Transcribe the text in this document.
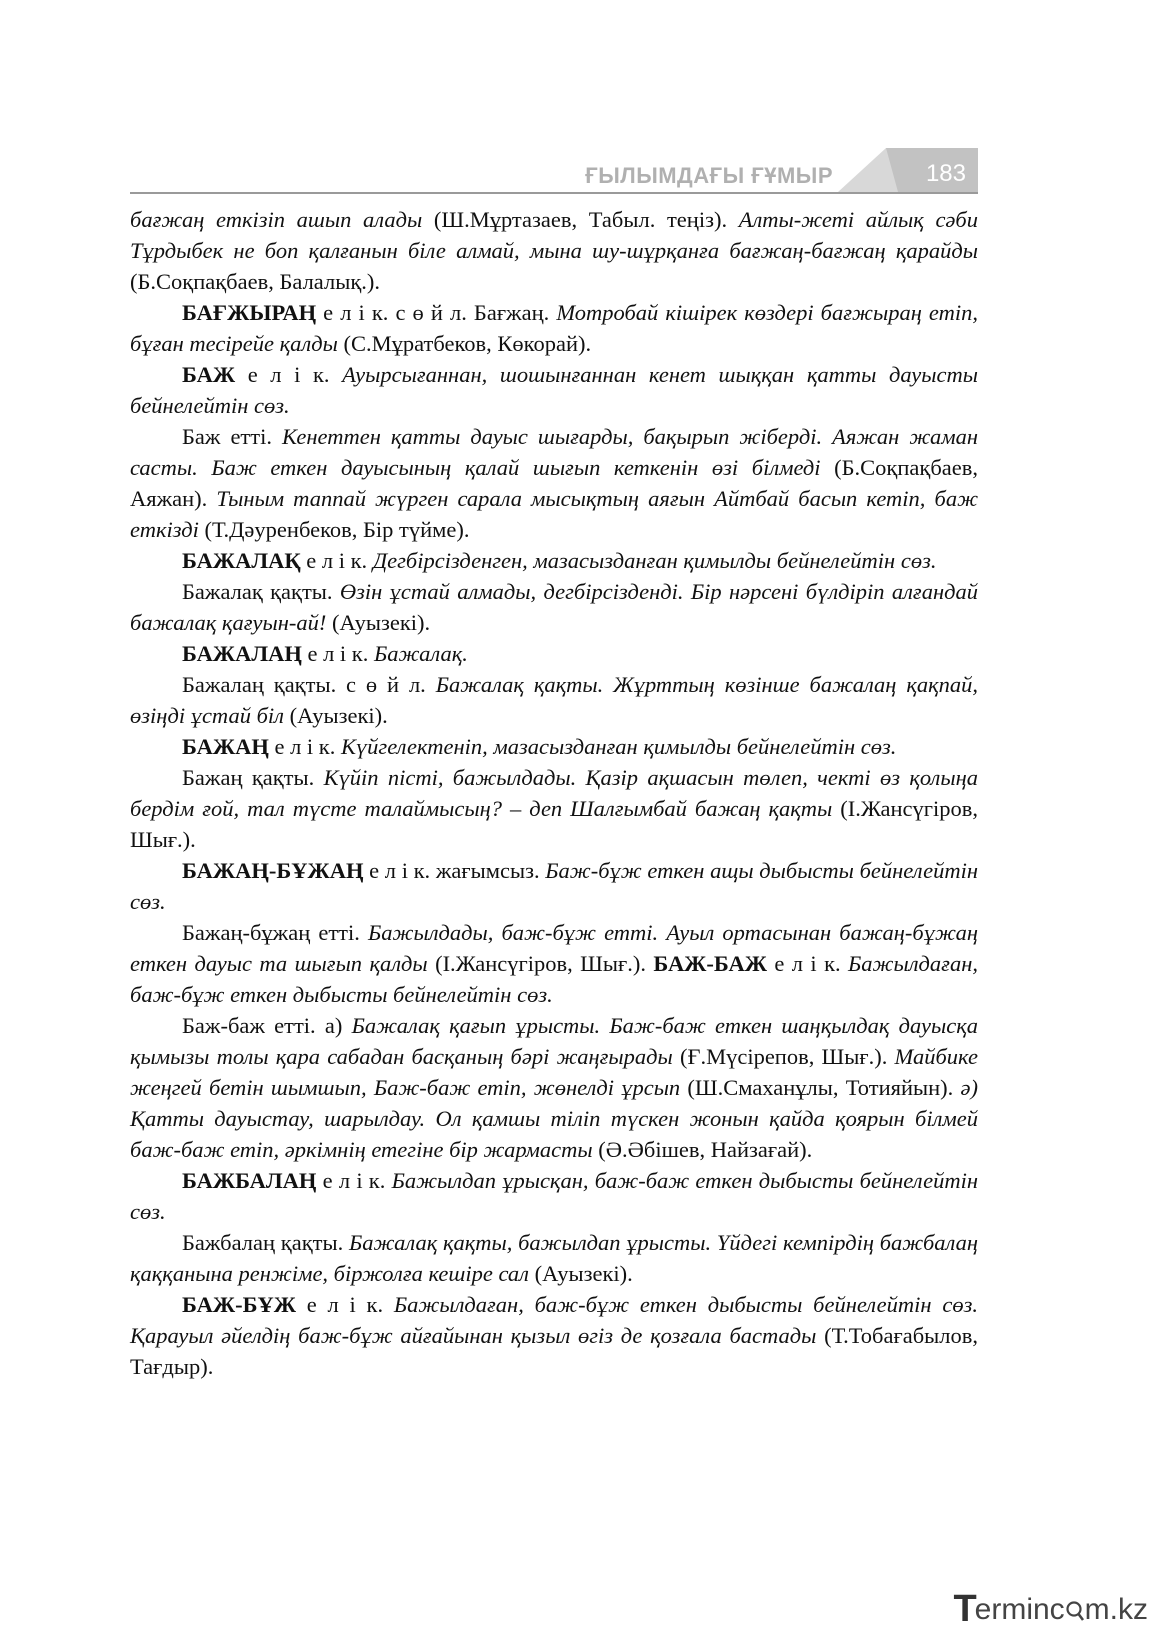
ҒЫЛЫМДАҒЫ ҒҰМЫР	183

бағжаң еткізіп ашып алады (Ш.Мұртазаев, Табыл. теңіз). Алты-жеті айлық сәби Тұрдыбек не боп қалғанын біле алмай, мына шу-шұрқанға бағжаң-бағжаң қарайды (Б.Соқпақбаев, Балалық.).

БАҒЖЫРАҢ е л і к. с ө й л. Бағжаң. Мотробай кішірек көздері бағжыраң етіп, бұған тесірейе қалды (С.Мұратбеков, Көкорай).

БАЖ е л і к. Ауырсығаннан, шошынғаннан кенет шыққан қатты дауысты бейнелейтін сөз.

Баж етті. Кенеттен қатты дауыс шығарды, бақырып жіберді. Аяжан жаман састы. Баж еткен дауысының қалай шығып кеткенін өзі білмеді (Б.Соқпақбаев, Аяжан). Тыным таппай жүрген сарала мысықтың аяғын Айтбай басып кетіп, баж еткізді (Т.Дәуренбеков, Бір түйме).

БАЖАЛАҚ е л і к. Дегбірсізденген, мазасызданған қимылды бейнелейтін сөз.

Бажалақ қақты. Өзін ұстай алмады, дегбірсізденді. Бір нәрсені бүлдіріп алғандай бажалақ қағуын-ай! (Ауызекі).

БАЖАЛАҢ е л і к. Бажалақ.

Бажалаң қақты. с ө й л. Бажалақ қақты. Жұрттың көзінше бажалаң қақпай, өзіңді ұстай біл (Ауызекі).

БАЖАҢ е л і к. Күйгелектеніп, мазасызданған қимылды бейнелейтін сөз.

Бажаң қақты. Күйіп пісті, бажылдады. Қазір ақшасын төлеп, чекті өз қолыңа бердім ғой, тал түсте талаймысың? – деп Шалғымбай бажаң қақты (І.Жансүгіров, Шығ.).

БАЖАҢ-БҰЖАҢ е л і к. жағымсыз. Баж-бұж еткен ащы дыбысты бейнелейтін сөз.

Бажаң-бұжаң етті. Бажылдады, баж-бұж етті. Ауыл ортасынан бажаң-бұжаң еткен дауыс та шығып қалды (І.Жансүгіров, Шығ.). БАЖ-БАЖ е л і к. Бажылдаған, баж-бұж еткен дыбысты бейнелейтін сөз.

Баж-баж етті. а) Бажалақ қағып ұрысты. Баж-баж еткен шаңқылдақ дауысқа қымызы толы қара сабадан басқаның бәрі жаңғырады (Ғ.Мүсірепов, Шығ.). Майбике жеңгей бетін шымшып, Баж-баж етіп, жөнелді ұрсып (Ш.Смаханұлы, Тотияйын). ә) Қатты дауыстау, шарылдау. Ол қамшы тіліп түскен жонын қайда қоярын білмей баж-баж етіп, әркімнің етегіне бір жармасты (Ә.Әбішев, Найзағай).

БАЖБАЛАҢ е л і к. Бажылдап ұрысқан, баж-баж еткен дыбысты бейнелейтін сөз.

Бажбалаң қақты. Бажалақ қақты, бажылдап ұрысты. Үйдегі кемпірдің бажбалаң қаққанына ренжіме, біржолға кешіре сал (Ауызекі).

БАЖ-БҰЖ е л і к. Бажылдаған, баж-бұж еткен дыбысты бейнелейтін сөз. Қарауыл әйелдің баж-бұж айғайынан қызыл өгіз де қозғала бастады (Т.Тобағабылов, Тағдыр).

T
erminc m.kz
